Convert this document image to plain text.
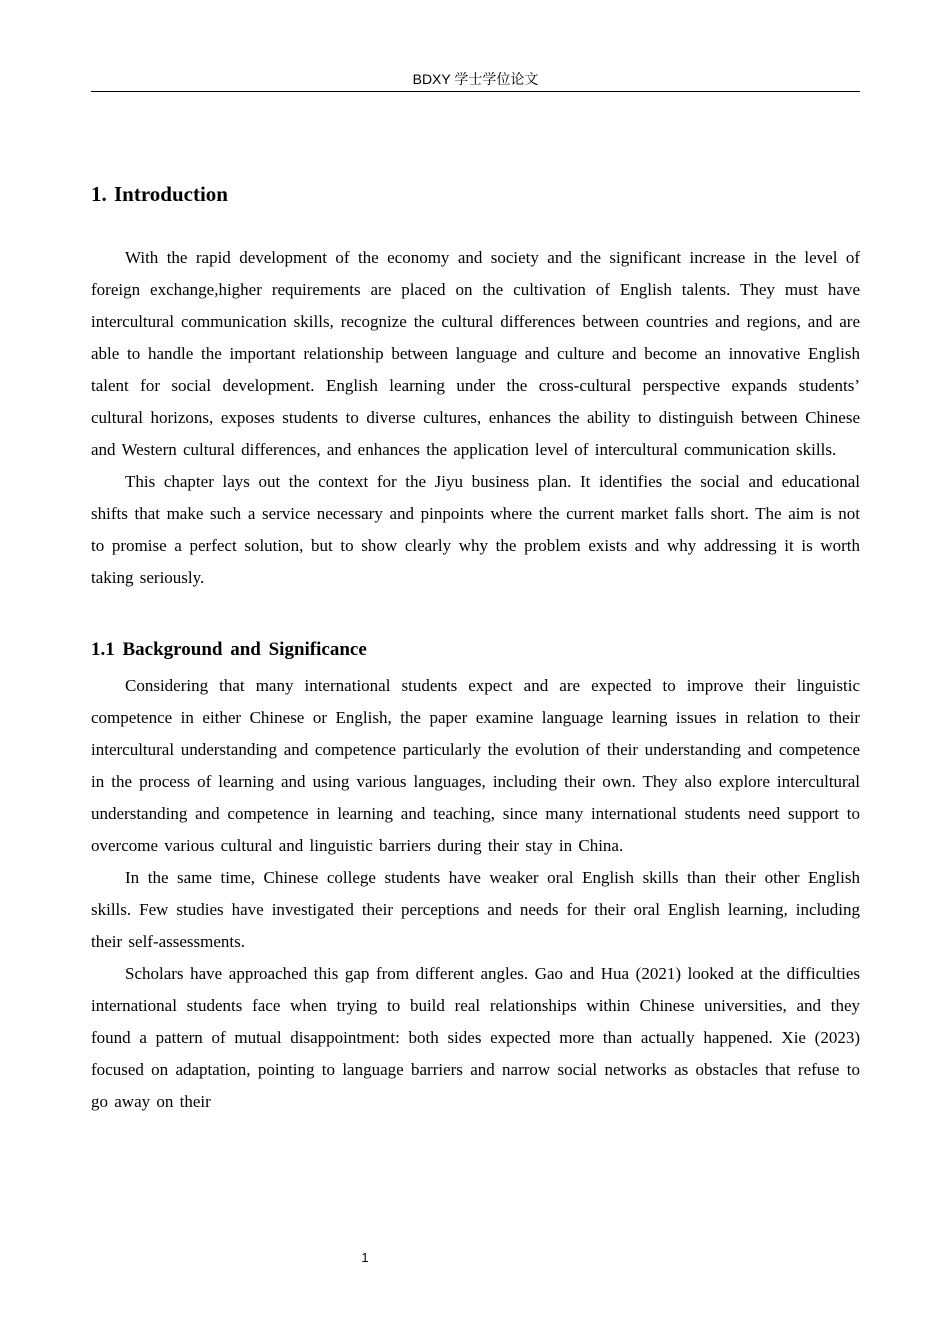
BDXY 学士学位论文
1. Introduction

With the rapid development of the economy and society and the significant increase in the level of foreign exchange,higher requirements are placed on the cultivation of English talents. They must have intercultural communication skills, recognize the cultural differences between countries and regions, and are able to handle the important relationship between language and culture and become an innovative English talent for social development. English learning under the cross-cultural perspective expands students’ cultural horizons, exposes students to diverse cultures, enhances the ability to distinguish between Chinese and Western cultural differences, and enhances the application level of intercultural communication skills.

This chapter lays out the context for the Jiyu business plan. It identifies the social and educational shifts that make such a service necessary and pinpoints where the current market falls short. The aim is not to promise a perfect solution, but to show clearly why the problem exists and why addressing it is worth taking seriously.

1.1 Background and Significance

Considering that many international students expect and are expected to improve their linguistic competence in either Chinese or English, the paper examine language learning issues in relation to their intercultural understanding and competence particularly the evolution of their understanding and competence in the process of learning and using various languages, including their own. They also explore intercultural understanding and competence in learning and teaching, since many international students need support to overcome various cultural and linguistic barriers during their stay in China.

In the same time, Chinese college students have weaker oral English skills than their other English skills. Few studies have investigated their perceptions and needs for their oral English learning, including their self-assessments.

Scholars have approached this gap from different angles. Gao and Hua (2021) looked at the difficulties international students face when trying to build real relationships within Chinese universities, and they found a pattern of mutual disappointment: both sides expected more than actually happened. Xie (2023) focused on adaptation, pointing to language barriers and narrow social networks as obstacles that refuse to go away on their

1
